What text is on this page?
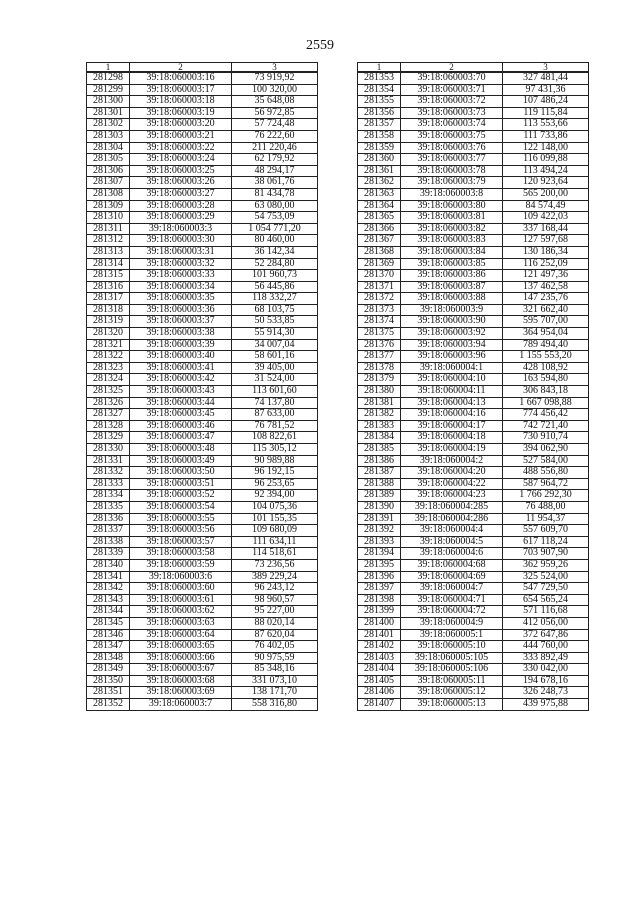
2559
1	2	3
281298	39:18:060003:16	73 919,92
281299	39:18:060003:17	100 320,00
281300	39:18:060003:18	35 648,08
281301	39:18:060003:19	56 972,85
281302	39:18:060003:20	57 724,48
281303	39:18:060003:21	76 222,60
281304	39:18:060003:22	211 220,46
281305	39:18:060003:24	62 179,92
281306	39:18:060003:25	48 294,17
281307	39:18:060003:26	38 061,76
281308	39:18:060003:27	81 434,78
281309	39:18:060003:28	63 080,00
281310	39:18:060003:29	54 753,09
281311	39:18:060003:3	1 054 771,20
281312	39:18:060003:30	80 460,00
281313	39:18:060003:31	36 142,34
281314	39:18:060003:32	52 284,80
281315	39:18:060003:33	101 960,73
281316	39:18:060003:34	56 445,86
281317	39:18:060003:35	118 332,27
281318	39:18:060003:36	68 103,75
281319	39:18:060003:37	50 533,85
281320	39:18:060003:38	55 914,30
281321	39:18:060003:39	34 007,04
281322	39:18:060003:40	58 601,16
281323	39:18:060003:41	39 405,00
281324	39:18:060003:42	31 524,00
281325	39:18:060003:43	113 601,60
281326	39:18:060003:44	74 137,80
281327	39:18:060003:45	87 633,00
281328	39:18:060003:46	76 781,52
281329	39:18:060003:47	108 822,61
281330	39:18:060003:48	115 305,12
281331	39:18:060003:49	90 989,88
281332	39:18:060003:50	96 192,15
281333	39:18:060003:51	96 253,65
281334	39:18:060003:52	92 394,00
281335	39:18:060003:54	104 075,36
281336	39:18:060003:55	101 155,35
281337	39:18:060003:56	109 680,09
281338	39:18:060003:57	111 634,11
281339	39:18:060003:58	114 518,61
281340	39:18:060003:59	73 236,56
281341	39:18:060003:6	389 229,24
281342	39:18:060003:60	96 243,12
281343	39:18:060003:61	98 960,57
281344	39:18:060003:62	95 227,00
281345	39:18:060003:63	88 020,14
281346	39:18:060003:64	87 620,04
281347	39:18:060003:65	76 402,05
281348	39:18:060003:66	90 975,59
281349	39:18:060003:67	85 348,16
281350	39:18:060003:68	331 073,10
281351	39:18:060003:69	138 171,70
281352	39:18:060003:7	558 316,80
1	2	3
281353	39:18:060003:70	327 481,44
281354	39:18:060003:71	97 431,36
281355	39:18:060003:72	107 486,24
281356	39:18:060003:73	119 115,84
281357	39:18:060003:74	113 553,66
281358	39:18:060003:75	111 733,86
281359	39:18:060003:76	122 148,00
281360	39:18:060003:77	116 099,88
281361	39:18:060003:78	113 494,24
281362	39:18:060003:79	120 923,64
281363	39:18:060003:8	565 200,00
281364	39:18:060003:80	84 574,49
281365	39:18:060003:81	109 422,03
281366	39:18:060003:82	337 168,44
281367	39:18:060003:83	127 597,68
281368	39:18:060003:84	130 186,34
281369	39:18:060003:85	116 252,09
281370	39:18:060003:86	121 497,36
281371	39:18:060003:87	137 462,58
281372	39:18:060003:88	147 235,76
281373	39:18:060003:9	321 662,40
281374	39:18:060003:90	595 707,00
281375	39:18:060003:92	364 954,04
281376	39:18:060003:94	789 494,40
281377	39:18:060003:96	1 155 553,20
281378	39:18:060004:1	428 108,92
281379	39:18:060004:10	163 594,80
281380	39:18:060004:11	306 843,18
281381	39:18:060004:13	1 667 098,88
281382	39:18:060004:16	774 456,42
281383	39:18:060004:17	742 721,40
281384	39:18:060004:18	730 910,74
281385	39:18:060004:19	394 062,90
281386	39:18:060004:2	527 584,00
281387	39:18:060004:20	488 556,80
281388	39:18:060004:22	587 964,72
281389	39:18:060004:23	1 766 292,30
281390	39:18:060004:285	76 488,00
281391	39:18:060004:286	11 954,37
281392	39:18:060004:4	557 609,70
281393	39:18:060004:5	617 118,24
281394	39:18:060004:6	703 907,90
281395	39:18:060004:68	362 959,26
281396	39:18:060004:69	325 524,00
281397	39:18:060004:7	547 729,50
281398	39:18:060004:71	654 565,24
281399	39:18:060004:72	571 116,68
281400	39:18:060004:9	412 056,00
281401	39:18:060005:1	372 647,86
281402	39:18:060005:10	444 760,00
281403	39:18:060005:105	333 892,49
281404	39:18:060005:106	330 042,00
281405	39:18:060005:11	194 678,16
281406	39:18:060005:12	326 248,73
281407	39:18:060005:13	439 975,88
